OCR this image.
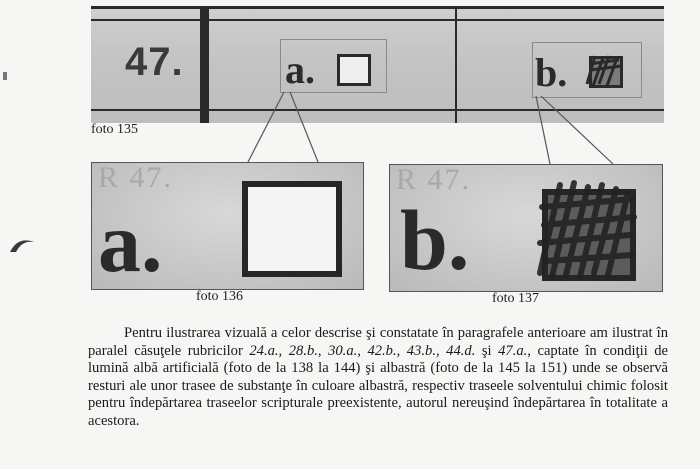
47.	a.	b.
foto 135
R 47.
a.
foto 136
R 47.
b.
foto 137
Pentru ilustrarea vizuală a celor descrise şi constatate în paragrafele anterioare am ilustrat în paralel căsuţele rubricilor 24.a., 28.b., 30.a., 42.b., 43.b., 44.d. şi 47.a., captate în condiţii de lumină albă artificială (foto de la 138 la 144) şi albastră (foto de la 145 la 151) unde se observă resturi ale unor trasee de substanţe în culoare albastră, respectiv traseele solventului chimic folosit pentru îndepărtarea traseelor scripturale preexistente, autorul nereuşind îndepărtarea în totalitate a acestora.
